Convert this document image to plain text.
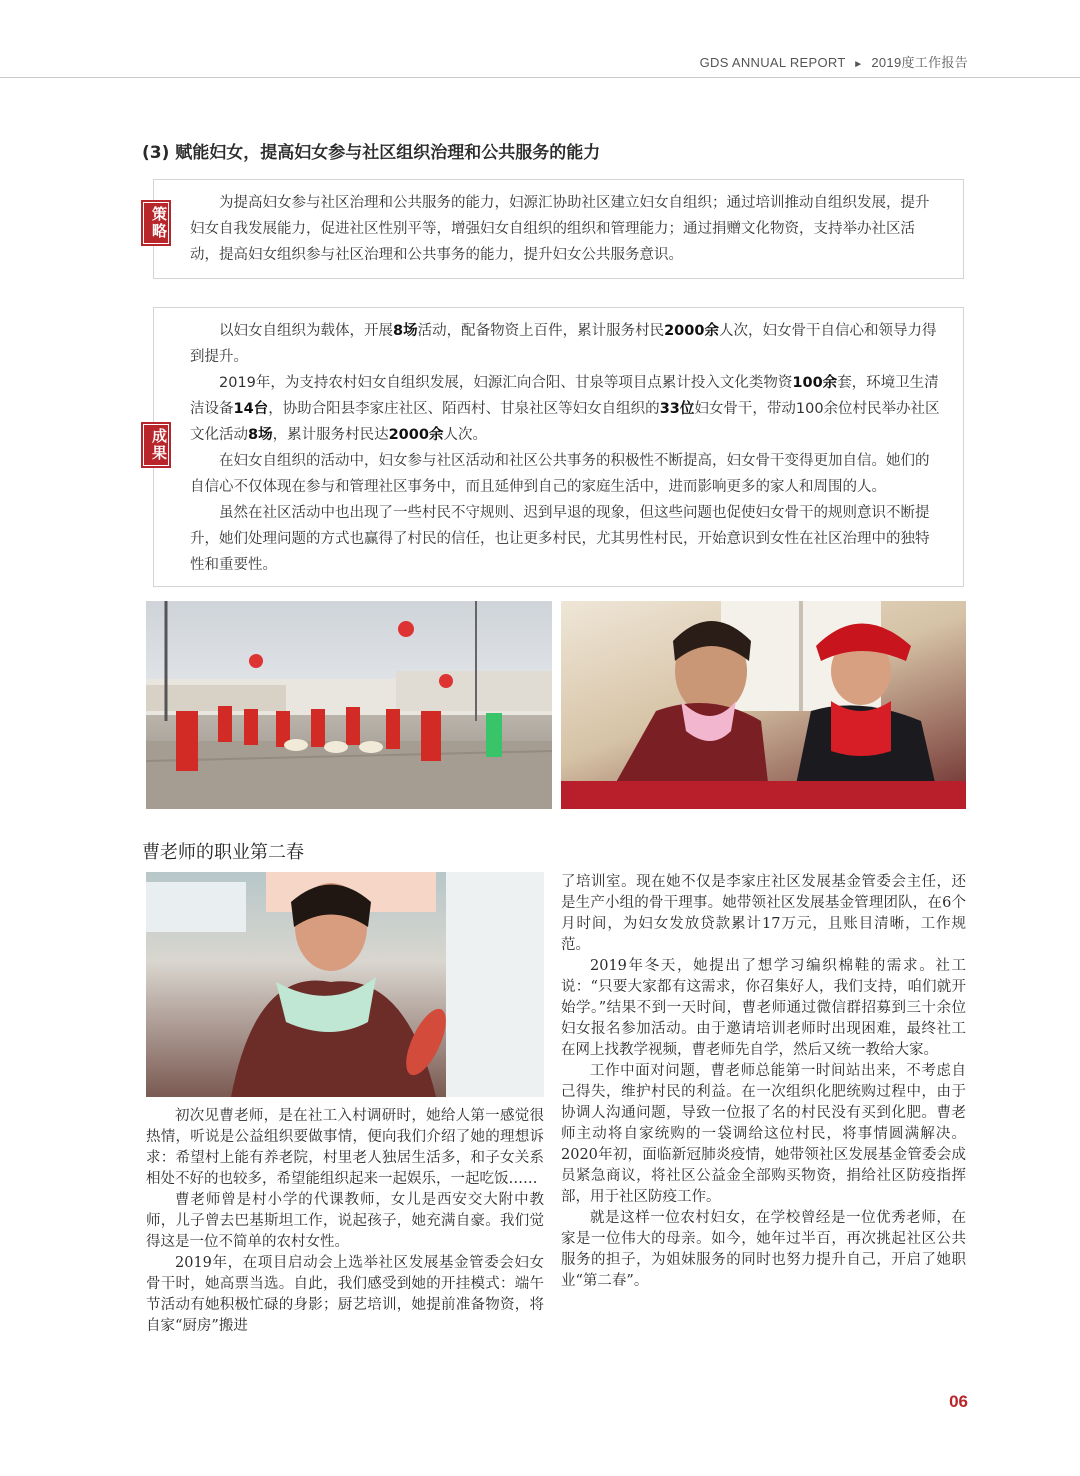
GDS ANNUAL REPORT ► 2019度工作报告
(3) 赋能妇女，提高妇女参与社区组织治理和公共服务的能力

为提高妇女参与社区治理和公共服务的能力，妇源汇协助社区建立妇女自组织；通过培训推动自组织发展，提升妇女自我发展能力，促进社区性别平等，增强妇女自组织的组织和管理能力；通过捐赠文化物资，支持举办社区活动，提高妇女组织参与社区治理和公共事务的能力，提升妇女公共服务意识。

策略

以妇女自组织为载体，开展8场活动，配备物资上百件，累计服务村民2000余人次，妇女骨干自信心和领导力得到提升。

2019年，为支持农村妇女自组织发展，妇源汇向合阳、甘泉等项目点累计投入文化类物资100余套，环境卫生清洁设备14台，协助合阳县李家庄社区、陌西村、甘泉社区等妇女自组织的33位妇女骨干，带动100余位村民举办社区文化活动8场，累计服务村民达2000余人次。

在妇女自组织的活动中，妇女参与社区活动和社区公共事务的积极性不断提高，妇女骨干变得更加自信。她们的自信心不仅体现在参与和管理社区事务中，而且延伸到自己的家庭生活中，进而影响更多的家人和周围的人。

虽然在社区活动中也出现了一些村民不守规则、迟到早退的现象，但这些问题也促使妇女骨干的规则意识不断提升，她们处理问题的方式也赢得了村民的信任，也让更多村民，尤其男性村民，开始意识到女性在社区治理中的独特性和重要性。

成果
曹老师的职业第二春

初次见曹老师，是在社工入村调研时，她给人第一感觉很热情，听说是公益组织要做事情，便向我们介绍了她的理想诉求：希望村上能有养老院，村里老人独居生活多，和子女关系相处不好的也较多，希望能组织起来一起娱乐，一起吃饭……

曹老师曾是村小学的代课教师，女儿是西安交大附中教师，儿子曾去巴基斯坦工作，说起孩子，她充满自豪。我们觉得这是一位不简单的农村女性。

2019年，在项目启动会上选举社区发展基金管委会妇女骨干时，她高票当选。自此，我们感受到她的开挂模式：端午节活动有她积极忙碌的身影；厨艺培训，她提前准备物资，将自家“厨房”搬进

了培训室。现在她不仅是李家庄社区发展基金管委会主任，还是生产小组的骨干理事。她带领社区发展基金管理团队，在6个月时间，为妇女发放贷款累计17万元，且账目清晰，工作规范。

2019年冬天，她提出了想学习编织棉鞋的需求。社工说：“只要大家都有这需求，你召集好人，我们支持，咱们就开始学。”结果不到一天时间，曹老师通过微信群招募到三十余位妇女报名参加活动。由于邀请培训老师时出现困难，最终社工在网上找教学视频，曹老师先自学，然后又统一教给大家。

工作中面对问题，曹老师总能第一时间站出来，不考虑自己得失，维护村民的利益。在一次组织化肥统购过程中，由于协调人沟通问题，导致一位报了名的村民没有买到化肥。曹老师主动将自家统购的一袋调给这位村民，将事情圆满解决。2020年初，面临新冠肺炎疫情，她带领社区发展基金管委会成员紧急商议，将社区公益金全部购买物资，捐给社区防疫指挥部，用于社区防疫工作。

就是这样一位农村妇女，在学校曾经是一位优秀老师，在家是一位伟大的母亲。如今，她年过半百，再次挑起社区公共服务的担子，为姐妹服务的同时也努力提升自己，开启了她职业“第二春”。

06
